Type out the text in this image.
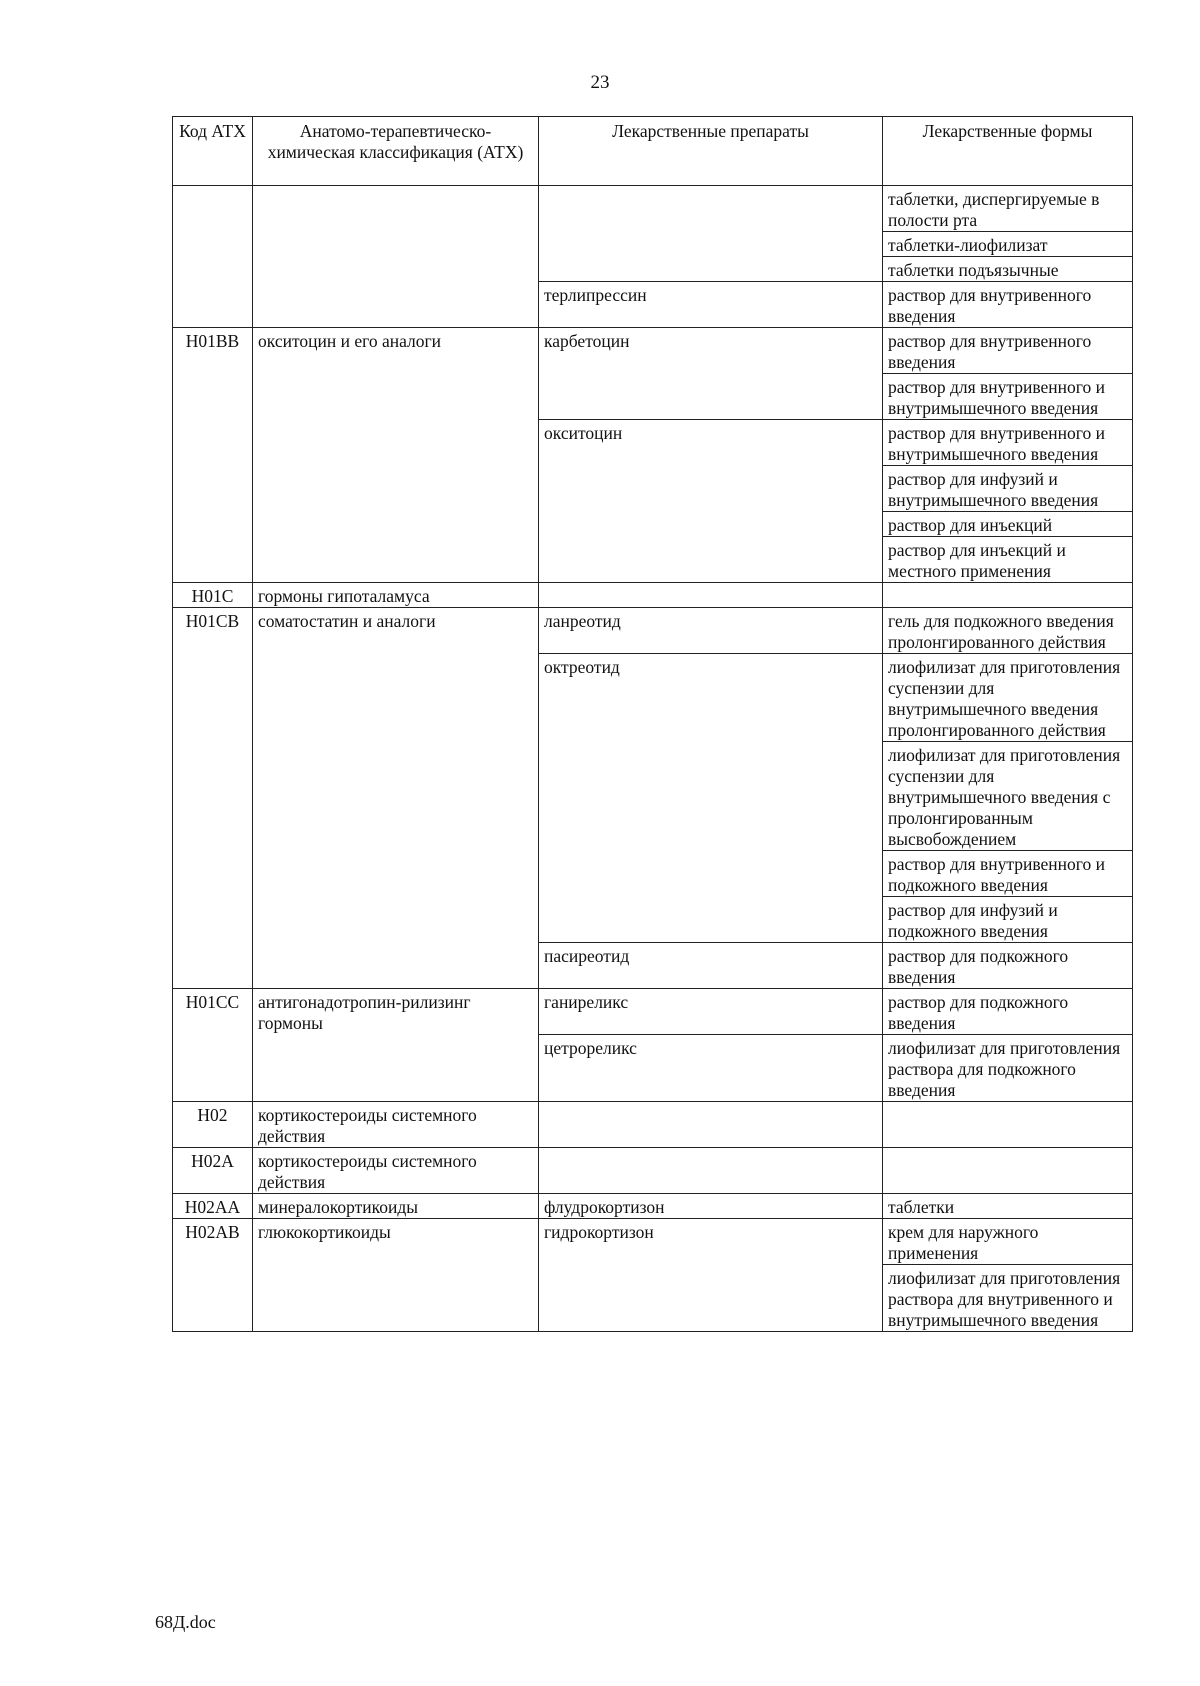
23
Код АТХ	Анатомо-терапевтическо-химическая классификация (АТХ)	Лекарственные препараты	Лекарственные формы
			таблетки, диспергируемые в полости рта
			таблетки-лиофилизат
			таблетки подъязычные
		терлипрессин	раствор для внутривенного введения
H01BB	окситоцин и его аналоги	карбетоцин	раствор для внутривенного введения
			раствор для внутривенного и внутримышечного введения
		окситоцин	раствор для внутривенного и внутримышечного введения
			раствор для инфузий и внутримышечного введения
			раствор для инъекций
			раствор для инъекций и местного применения
H01C	гормоны гипоталамуса		
H01CB	соматостатин и аналоги	ланреотид	гель для подкожного введения пролонгированного действия
		октреотид	лиофилизат для приготовления суспензии для внутримышечного введения пролонгированного действия
			лиофилизат для приготовления суспензии для внутримышечного введения с пролонгированным высвобождением
			раствор для внутривенного и подкожного введения
			раствор для инфузий и подкожного введения
		пасиреотид	раствор для подкожного введения
H01CC	антигонадотропин-рилизинг гормоны	ганиреликс	раствор для подкожного введения
		цетрореликс	лиофилизат для приготовления раствора для подкожного введения
H02	кортикостероиды системного действия		
H02A	кортикостероиды системного действия		
H02AA	минералокортикоиды	флудрокортизон	таблетки
H02AB	глюкокортикоиды	гидрокортизон	крем для наружного применения
			лиофилизат для приготовления раствора для внутривенного и внутримышечного введения
68Д.doc
